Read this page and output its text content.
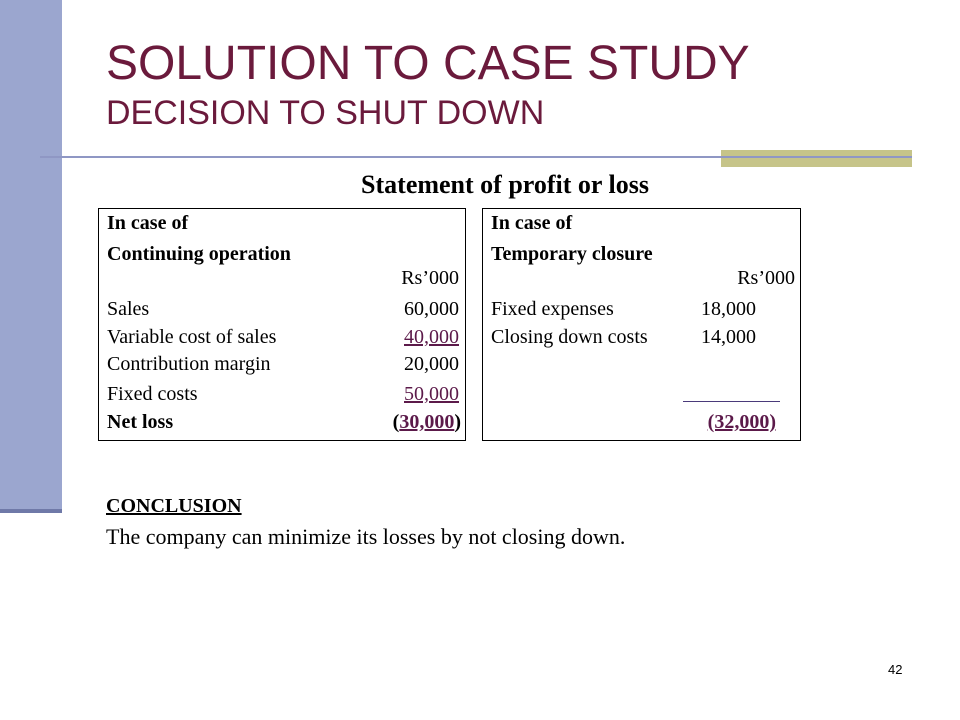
SOLUTION TO CASE STUDY
DECISION TO SHUT DOWN
Statement of profit or loss
In case of
Continuing operation
Rs’000
Sales	60,000
Variable cost of sales	40,000
Contribution margin	20,000
Fixed costs	50,000
Net loss	(30,000)
In case of
Temporary closure
Rs’000
Fixed expenses	18,000
Closing down costs	14,000
(32,000)
CONCLUSION
The company can minimize its losses by not closing down.
42
